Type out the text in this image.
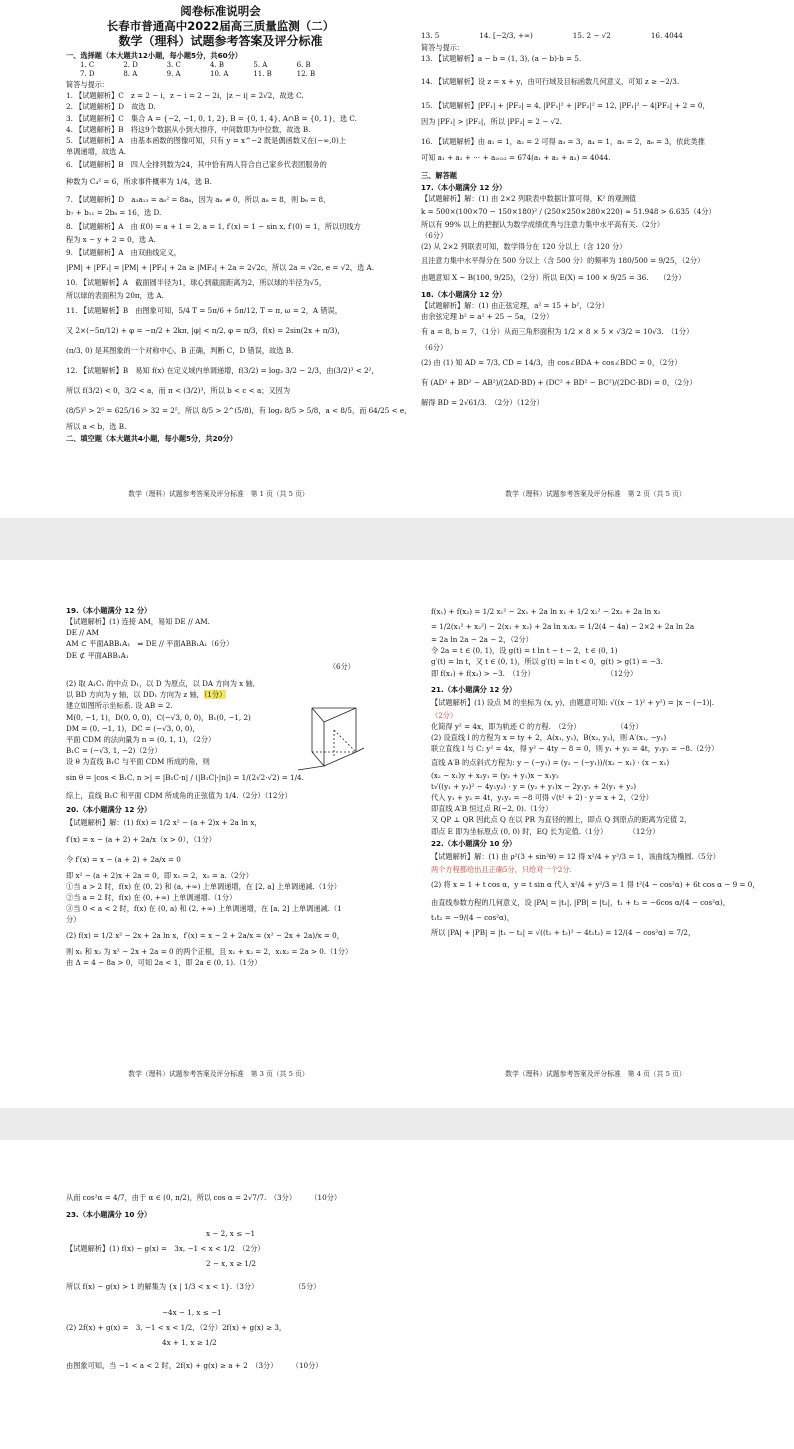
阅卷标准说明会
长春市普通高中2022届高三质量监测（二）
数学（理科）试题参考答案及评分标准
一、选择题（本大题共12小题，每小题5分，共60分）
1. C	2. D	3. C	4. B	5. A	6. B
7. D	8. A	9. A	10. A	11. B	12. B
简答与提示：
1. 【试题解析】C　z = 2 − i，z − i = 2 − 2i，|z − i| = 2√2，故选 C.
2. 【试题解析】D　故选 D.
3. 【试题解析】C　集合 A = {−2, −1, 0, 1, 2}, B = {0, 1, 4}, A∩B = {0, 1}，选 C.
4. 【试题解析】B　将这9个数据从小到大排序，中间数即为中位数，故选 B.
5. 【试题解析】A　由基本函数的图像可知，只有 y = x^−2 既是偶函数又在(−∞,0)上
单调递增，故选 A.
6. 【试题解析】B　四人全排列数为24，其中恰有两人符合自己家乡代表团服务的
种数为 C₄² = 6，所求事件概率为 1/4，选 B.
7. 【试题解析】D　a₃a₁₃ = a₈² = 8a₈，因为 a₈ ≠ 0，所以 a₈ = 8，则 b₈ = 8，
b₇ + b₁₁ = 2b₈ = 16，选 D.
8. 【试题解析】A　由 f(0) = a + 1 = 2, a = 1, f′(x) = 1 − sin x, f′(0) = 1，所以切线方
程为 x − y + 2 = 0，选 A.
9. 【试题解析】A　由双曲线定义，
|PM| + |PF₁| = |PM| + |PF₂| + 2a ≥ |MF₂| + 2a = 2√2c，所以 2a = √2c, e = √2，选 A.
10. 【试题解析】A　截面圆半径为1，球心到截面距离为2，所以球的半径为√5，
所以球的表面积为 20π，选 A.
11. 【试题解析】B　由图象可知，5/4 T = 5π/6 + 5π/12, T = π, ω = 2，A 错误，
又 2×(−5π/12) + φ = −π/2 + 2kπ, |φ| < π/2, φ = π/3，f(x) = 2sin(2x + π/3)，
(π/3, 0) 是其图象的一个对称中心，B 正确，判断 C，D 错误，故选 B.
12. 【试题解析】B　易知 f(x) 在定义域内单调递增，f(3/2) = log₂ 3/2 − 2/3，由(3/2)³ < 2²，
所以 f(3/2) < 0，3/2 < a，而 π < (3/2)³，所以 b < c < a；又因为
(8/5)⁵ > 2⁵ = 625/16 > 32 = 2⁵，所以 8/5 > 2^(5/8)，有 log₂ 8/5 > 5/8，a < 8/5，而 64/25 < e，
所以 a < b，选 B.
二、填空题（本大题共4小题，每小题5分，共20分）
数学（理科）试题参考答案及评分标准　第 1 页（共 5 页）
13. 5	14. [−2/3, +∞)	15. 2 − √2	16. 4044
简答与提示：
13. 【试题解析】a − b = (1, 3), (a − b)·b = 5.
14. 【试题解析】设 z = x + y，由可行域及目标函数几何意义，可知 z ≥ −2/3.
15. 【试题解析】|PF₁| + |PF₂| = 4, |PF₁|² + |PF₂|² = 12, |PF₁|² − 4|PF₂| + 2 = 0，
因为 |PF₁| > |PF₂|，所以 |PF₂| = 2 − √2.
16. 【试题解析】由 a₁ = 1，a₂ = 2 可得 a₃ = 3，a₄ = 1，a₅ = 2，a₆ = 3，依此类推
可知 a₁ + a₂ + ⋯ + a₂₀₂₂ = 674(a₁ + a₂ + a₃) = 4044.
三、解答题
17.（本小题满分 12 分）
【试题解析】解：(1) 由 2×2 列联表中数据计算可得，K² 的观测值
k = 500×(100×70 − 150×180)² / (250×250×280×220) ≈ 51.948 > 6.635（4分）
所以有 99% 以上的把握认为数学成绩优秀与注意力集中水平高有关.（2分）
（6分）
(2) 从 2×2 列联表可知，数学得分在 120 分以上（含 120 分）
且注意力集中水平得分在 500 分以上（含 500 分）的频率为 180/500 = 9/25，（2分）
由题意知 X ~ B(100, 9/25)，（2分）所以 E(X) = 100 × 9/25 = 36.　　（2分）
18.（本小题满分 12 分）
【试题解析】解：(1) 由正弦定理，a² = 15 + b²，（2分）
由余弦定理 b² = a² + 25 − 5a，（2分）
有 a = 8, b = 7，（1分）从而三角形面积为 1/2 × 8 × 5 × √3/2 = 10√3.　（1分）
（6分）
(2) 由 (1) 知 AD = 7/3, CD = 14/3，由 cos∠BDA + cos∠BDC = 0，（2分）
有 (AD² + BD² − AB²)/(2AD·BD) + (DC² + BD² − BC²)/(2DC·BD) = 0，（2分）
解得 BD = 2√61/3.　（2分）（12分）
数学（理科）试题参考答案及评分标准　第 2 页（共 5 页）
19.（本小题满分 12 分）
【试题解析】(1) 连接 AM，易知 DE // AM.
DE // AM
AM ⊂ 平面ABB₁A₁　⇒ DE // 平面ABB₁A₁（6分）
DE ⊄ 平面ABB₁A₁
（6分）
(2) 取 A₁C₁ 的中点 D₁，以 D 为原点，以 DA 方向为 x 轴,
以 BD 方向为 y 轴，以 DD₁ 方向为 z 轴，（1分）
建立如图所示坐标系. 设 AB = 2.
M(0, −1, 1)，D(0, 0, 0)，C(−√3, 0, 0)，B₁(0, −1, 2)
DM = (0, −1, 1)，DC = (−√3, 0, 0)，
平面 CDM 的法向量为 n = (0, 1, 1)，（2分）
B₁C = (−√3, 1, −2)（2分）
设 θ 为直线 B₁C 与平面 CDM 所成的角，则
sin θ = |cos < B₁C, n >| = |B₁C·n| / (|B₁C|·|n|) = 1/(2√2·√2) = 1/4.
综上，直线 B₁C 和平面 CDM 所成角的正弦值为 1/4.（2分）（12分）
20.（本小题满分 12 分）
【试题解析】解：(1) f(x) = 1/2 x² − (a + 2)x + 2a ln x，
f′(x) = x − (a + 2) + 2a/x（x > 0），（1分）
令 f′(x) = x − (a + 2) + 2a/x = 0
即 x² − (a + 2)x + 2a = 0，即 x₁ = 2，x₂ = a.（2分）
①当 a > 2 时，f(x) 在 (0, 2) 和 (a, +∞) 上单调递增，在 [2, a] 上单调递减.（1分）
②当 a = 2 时，f(x) 在 (0, +∞) 上单调递增.（1分）
③当 0 < a < 2 时，f(x) 在 (0, a) 和 (2, +∞) 上单调递增，在 [a, 2] 上单调递减.（1
分）
(2) f(x) = 1/2 x² − 2x + 2a ln x，f′(x) = x − 2 + 2a/x = (x² − 2x + 2a)/x = 0，
则 x₁ 和 x₂ 为 x² − 2x + 2a = 0 的两个正根，且 x₁ + x₂ = 2，x₁x₂ = 2a > 0.（1分）
由 Δ = 4 − 8a > 0，可知 2a < 1，即 2a ∈ (0, 1).（1分）
数学（理科）试题参考答案及评分标准　第 3 页（共 5 页）
f(x₁) + f(x₂) = 1/2 x₁² − 2x₁ + 2a ln x₁ + 1/2 x₂² − 2x₂ + 2a ln x₂
= 1/2(x₁² + x₂²) − 2(x₁ + x₂) + 2a ln x₁x₂ = 1/2(4 − 4a) − 2×2 + 2a ln 2a
= 2a ln 2a − 2a − 2，（2分）
令 2a = t ∈ (0, 1)，设 g(t) = t ln t − t − 2，t ∈ (0, 1)
g′(t) = ln t，又 t ∈ (0, 1)，所以 g′(t) = ln t < 0，g(t) > g(1) = −3.
即 f(x₁) + f(x₂) > −3.　（1分）　　　　　　　　　　　（12分）
21.（本小题满分 12 分）
【试题解析】(1) 设点 M 的坐标为 (x, y)，由题意可知: √((x − 1)² + y²) = |x − (−1)|.
（2分）
化简得 y² = 4x，即为轨迹 C 的方程.　（2分）　　　　　　（4分）
(2) 设直线 l 的方程为 x = ty + 2，A(x₁, y₁)，B(x₂, y₂)，则 A′(x₁, −y₁)
联立直线 l 与 C: y² = 4x，得 y² − 4ty − 8 = 0，则 y₁ + y₂ = 4t，y₁y₂ = −8.（2分）
直线 A′B 的点斜式方程为: y − (−y₁) = (y₂ − (−y₁))/(x₂ − x₁) · (x − x₁)
(x₂ − x₁)y + x₂y₁ = (y₂ + y₁)x − x₁y₂
t√((y₁ + y₂)² − 4y₁y₂) · y = (y₂ + y₁)x − 2y₁y₂ + 2(y₁ + y₂)
代入 y₁ + y₂ = 4t，y₁y₂ = −8 可得 √(t² + 2) · y = x + 2，（2分）
即直线 A′B 恒过点 R(−2, 0).（1分）
又 QP ⊥ QR 因此点 Q 在以 PR 为直径的圆上，即点 Q 到原点的距离为定值 2，
即点 E 即为坐标原点 (0, 0) 时，EQ 长为定值.（1分）　　　　（12分）
22.（本小题满分 10 分）
【试题解析】解：(1) 由 ρ²(3 + sin²θ) = 12 得 x²/4 + y²/3 = 1，该曲线为椭圆.（5分）
两个方程都给出且正确5分，只给对一个2分.
(2) 将 x = 1 + t cos α，y = t sin α 代入 x²/4 + y²/3 = 1 得 t²(4 − cos²α) + 6t cos α − 9 = 0，
由直线参数方程的几何意义，设 |PA| = |t₁|, |PB| = |t₂|，t₁ + t₂ = −6cos α/(4 − cos²α)，
t₁t₂ = −9/(4 − cos²α)，
所以 |PA| + |PB| = |t₁ − t₂| = √((t₁ + t₂)² − 4t₁t₂) = 12/(4 − cos²α) = 7/2，
数学（理科）试题参考答案及评分标准　第 4 页（共 5 页）
从而 cos²α = 4/7，由于 α ∈ (0, π/2)，所以 cos α = 2√7/7.　（3分）　　　（10分）
23.（本小题满分 10 分）
x − 2, x ≤ −1
【试题解析】(1) f(x) − g(x) =　3x, −1 < x < 1/2　（2分）
2 − x, x ≥ 1/2
所以 f(x) − g(x) > 1 的解集为 {x | 1/3 < x < 1}.（3分）　　　　　　（5分）
−4x − 1, x ≤ −1
(2) 2f(x) + g(x) =　3, −1 < x < 1/2，（2分）2f(x) + g(x) ≥ 3，
4x + 1, x ≥ 1/2
由图象可知，当 −1 < a < 2 时，2f(x) + g(x) ≥ a + 2　（3分）　　　（10分）
